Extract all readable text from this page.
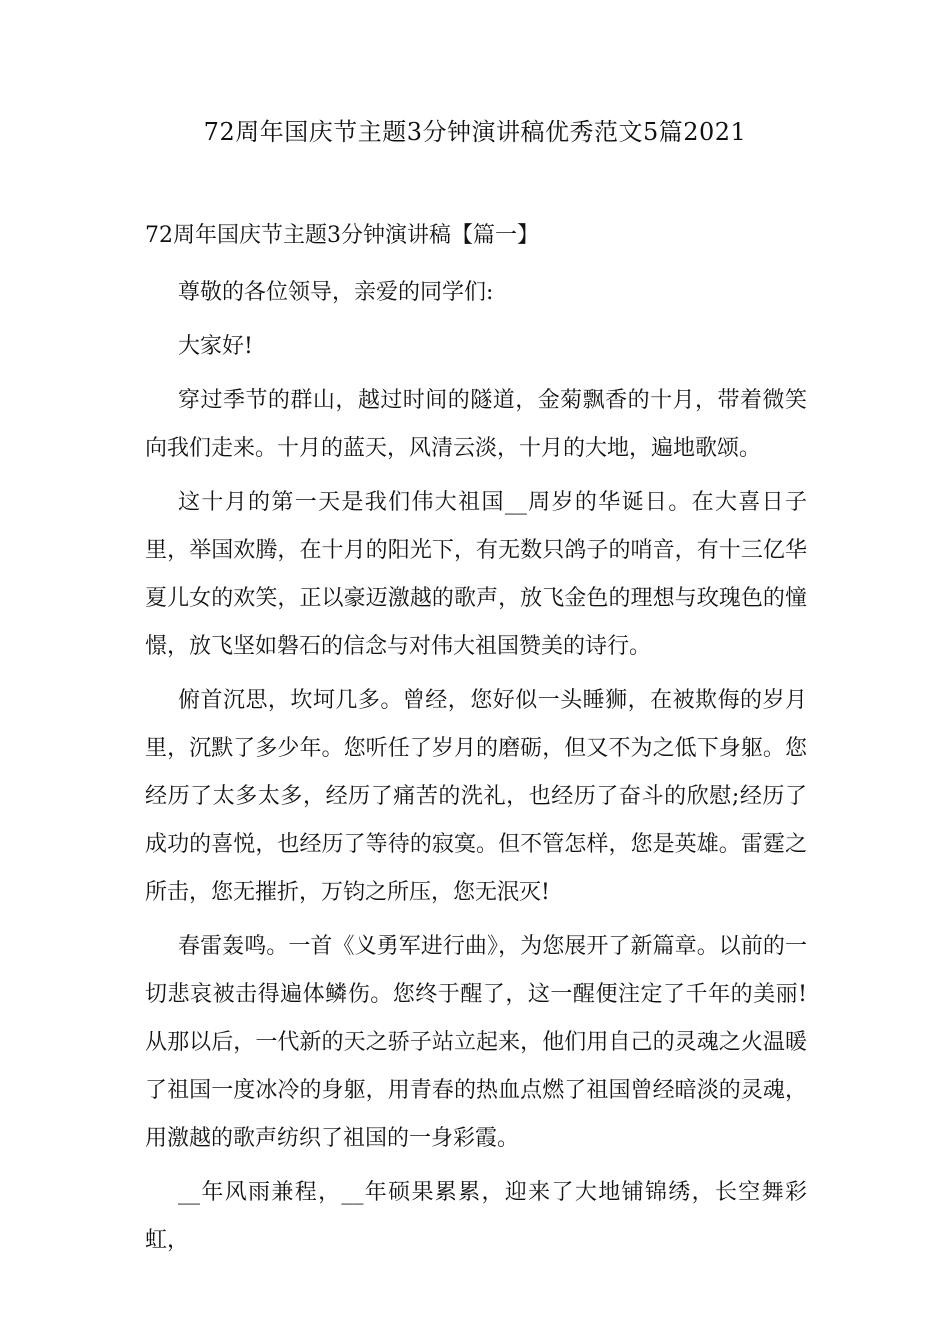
72周年国庆节主题3分钟演讲稿优秀范文5篇2021
72周年国庆节主题3分钟演讲稿【篇一】

尊敬的各位领导，亲爱的同学们:

大家好!

穿过季节的群山，越过时间的隧道，金菊飘香的十月，带着微笑向我们走来。十月的蓝天，风清云淡，十月的大地，遍地歌颂。

这十月的第一天是我们伟大祖国__周岁的华诞日。在大喜日子里，举国欢腾，在十月的阳光下，有无数只鸽子的哨音，有十三亿华夏儿女的欢笑，正以豪迈激越的歌声，放飞金色的理想与玫瑰色的憧憬，放飞坚如磐石的信念与对伟大祖国赞美的诗行。

俯首沉思，坎坷几多。曾经，您好似一头睡狮，在被欺侮的岁月里，沉默了多少年。您听任了岁月的磨砺，但又不为之低下身躯。您经历了太多太多，经历了痛苦的洗礼，也经历了奋斗的欣慰;经历了成功的喜悦，也经历了等待的寂寞。但不管怎样，您是英雄。雷霆之所击，您无摧折，万钧之所压，您无泯灭!

春雷轰鸣。一首《义勇军进行曲》，为您展开了新篇章。以前的一切悲哀被击得遍体鳞伤。您终于醒了，这一醒便注定了千年的美丽!从那以后，一代新的天之骄子站立起来，他们用自己的灵魂之火温暖了祖国一度冰冷的身躯，用青春的热血点燃了祖国曾经暗淡的灵魂，用激越的歌声纺织了祖国的一身彩霞。

__年风雨兼程，__年硕果累累，迎来了大地铺锦绣，长空舞彩虹，
